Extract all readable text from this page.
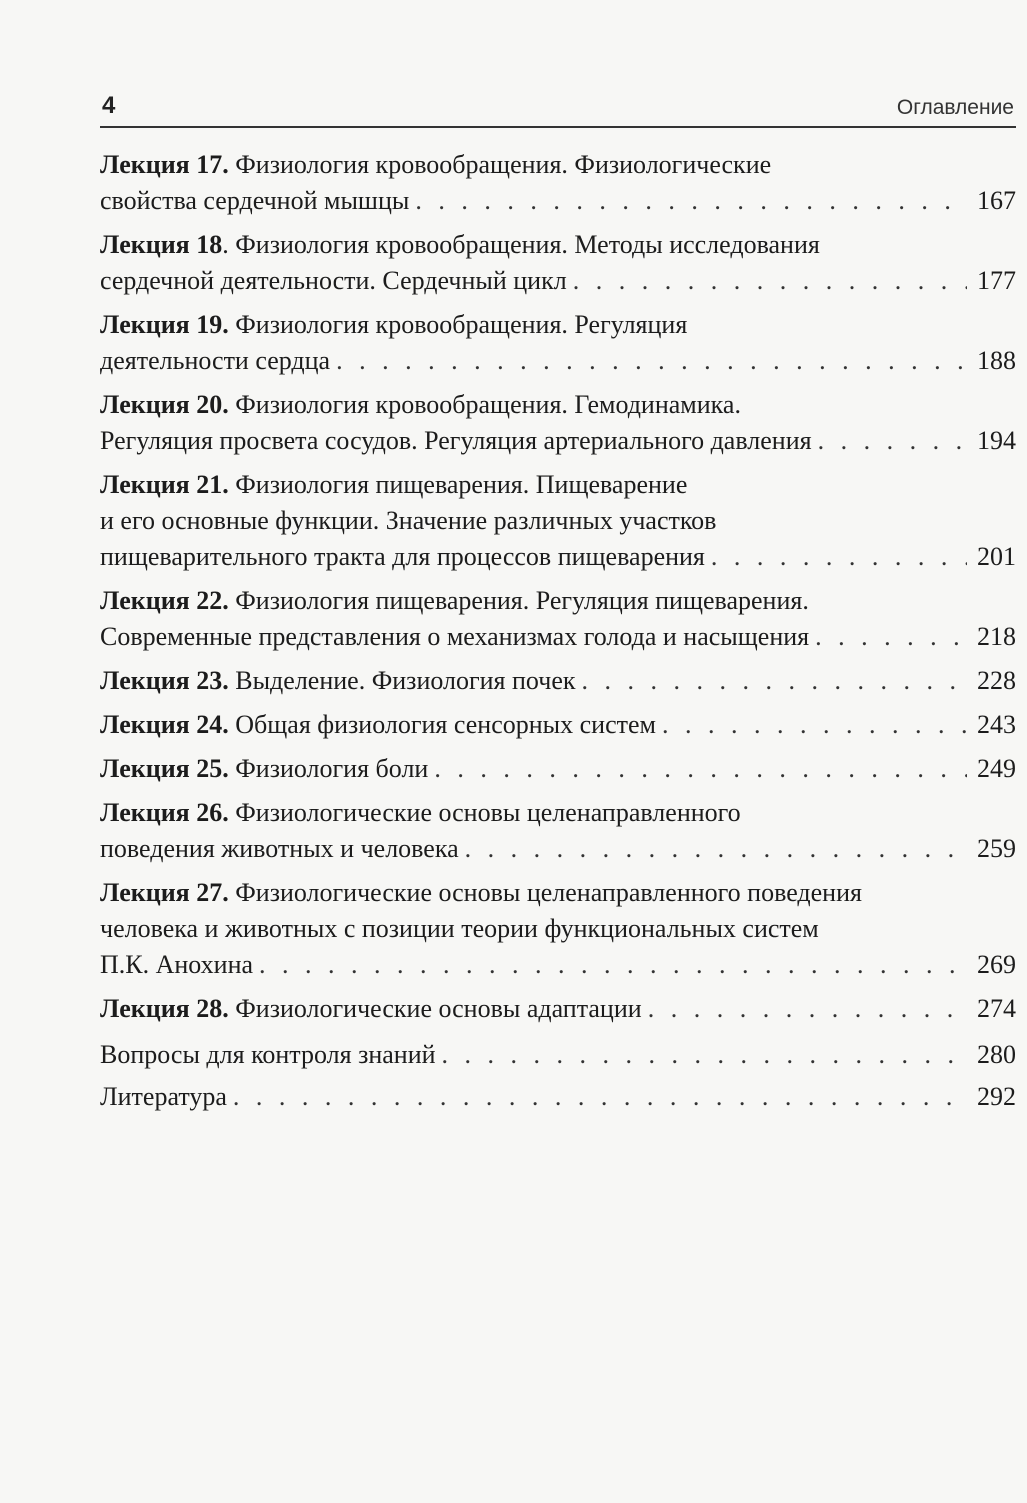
4	Оглавление
Лекция 17. Физиология кровообращения. Физиологические
свойства сердечной мышцы . . .	167
Лекция 18. Физиология кровообращения. Методы исследования
сердечной деятельности. Сердечный цикл . . .	177
Лекция 19. Физиология кровообращения. Регуляция
деятельности сердца . . .	188
Лекция 20. Физиология кровообращения. Гемодинамика.
Регуляция просвета сосудов. Регуляция артериального давления . . .	194
Лекция 21. Физиология пищеварения. Пищеварение
и его основные функции. Значение различных участков
пищеварительного тракта для процессов пищеварения . . .	201
Лекция 22. Физиология пищеварения. Регуляция пищеварения.
Современные представления о механизмах голода и насыщения . . .	218
Лекция 23. Выделение. Физиология почек . . .	228
Лекция 24. Общая физиология сенсорных систем . . .	243
Лекция 25. Физиология боли . . .	249
Лекция 26. Физиологические основы целенаправленного
поведения животных и человека . . .	259
Лекция 27. Физиологические основы целенаправленного поведения
человека и животных с позиции теории функциональных систем
П.К. Анохина . . .	269
Лекция 28. Физиологические основы адаптации . . .	274
Вопросы для контроля знаний . . .	280
Литература . . .	292
